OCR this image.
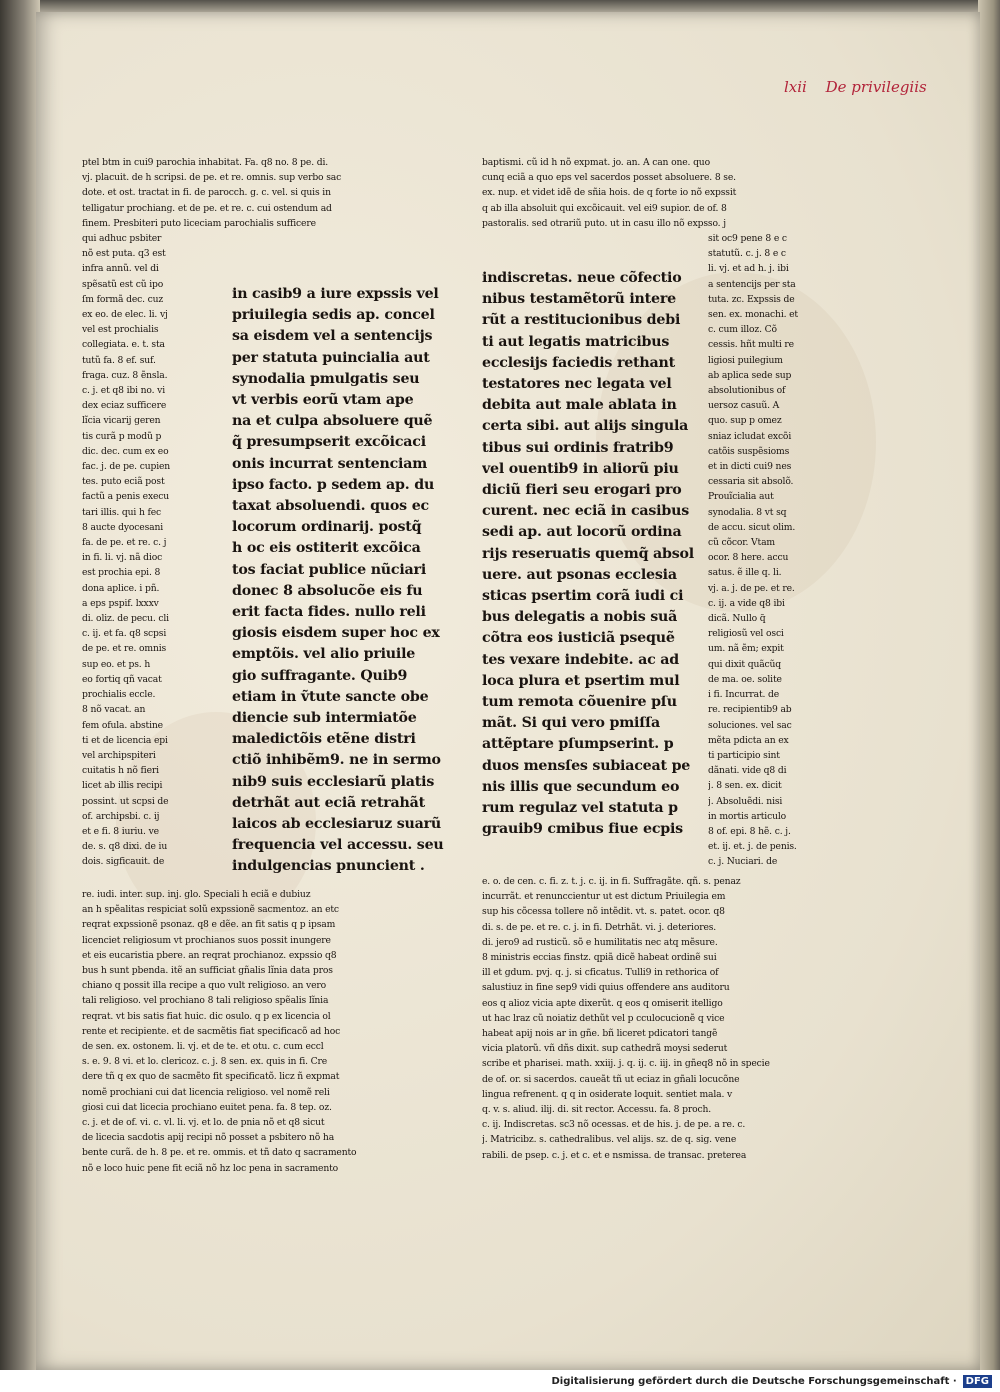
lxii De privilegiis
ptel btm in cui9 parochia inhabitat. Fa. q8 no. 8 pe. di.
vj. placuit. de h scripsi. de pe. et re. omnis. sup verbo sac
dote. et ost. tractat in fi. de parocch. g. c. vel. si quis in
telligatur prochiang. et de pe. et re. c. cui ostendum ad
finem. Presbiteri puto liceciam parochialis sufficere
qui adhuc psbiter
nõ est puta. q3 est
infra annũ. vel di
spẽsatũ est cũ ipo
ſm formã dec. cuz
ex eo. de elec. li. vj
vel est prochialis
collegiata. e. t. sta
tutũ fa. 8 ef. suf.
fraga. cuz. 8 ẽnsla.
c. j. et q8 ibi no. vi
dex eciaz sufficere
lĩcia vicarij geren
tis curã p modũ p
dic. dec. cum ex eo
fac. j. de pe. cupien
tes. puto eciã post
factũ a penis execu
tari illis. qui h fec
8 aucte dyocesani
fa. de pe. et re. c. j
in fi. li. vj. nã dioc
est prochia epi. 8
dona aplice. i pñ.
a eps pspif. lxxxv
di. oliz. de pecu. cli
c. ij. et fa. q8 scpsi
de pe. et re. omnis
sup eo. et ps. h
eo fortiq qñ vacat
prochialis eccle.
8 nõ vacat. an
fem ofula. abstine
ti et de licencia epi
vel archipspiteri
cuitatis h nõ fieri
licet ab illis recipi
possint. ut scpsi de
of. archipsbi. c. ij
et e fi. 8 iuriu. ve
de. s. q8 dixi. de iu
dois. sigficauit. de
in casib9 a iure expssis vel
priuilegia sedis ap. concel
sa eisdem vel a sentencijs
per statuta puincialia aut
synodalia pmulgatis seu
vt verbis eorũ vtam ape
na et culpa absoluere quẽ
q̃ presumpserit excõicaci
onis incurrat sentenciam
ipso facto. p sedem ap. du
taxat absoluendi. quos ec
locorum ordinarij. postq̃
h oc eis ostiterit excõica
tos faciat publice nũciari
donec 8 absolucõe eis fu
erit facta fides. nullo reli
giosis eisdem super hoc ex
emptõis. vel alio priuile
gio suffragante. Quib9
etiam in ṽtute sancte obe
diencie sub intermiatõe
maledictõis etẽne distri
ctiõ inhibẽm9. ne in sermo
nib9 suis ecclesiarũ platis
detrhãt aut eciã retrahãt
laicos ab ecclesiaruz suarũ
frequencia vel accessu. seu
indulgencias pnuncient .
re. iudi. inter. sup. inj. glo. Speciali h eciã e dubiuz
an h spẽalitas respiciat solũ expssionẽ sacmentoz. an etc
reqrat expssionẽ psonaz. q8 e dẽe. an fit satis q p ipsam
licenciet religiosum vt prochianos suos possit inungere
et eis eucaristia pbere. an reqrat prochianoz. expssio q8
bus h sunt pbenda. itẽ an sufficiat gñalis lĩnia data pros
chiano q possit illa recipe a quo vult religioso. an vero
tali religioso. vel prochiano 8 tali religioso spẽalis lĩnia
reqrat. vt bis satis fiat huic. dic osulo. q p ex licencia ol
rente et recipiente. et de sacmẽtis fiat specificacõ ad hoc
de sen. ex. ostonem. li. vj. et de te. et otu. c. cum eccl
s. e. 9. 8 vi. et lo. clericoz. c. j. 8 sen. ex. quis in fi. Cre
dere tñ q ex quo de sacmẽto fit specificatõ. licz ñ expmat
nomẽ prochiani cui dat licencia religioso. vel nomẽ reli
giosi cui dat licecia prochiano euitet pena. fa. 8 tep. oz.
c. j. et de of. vi. c. vl. li. vj. et lo. de pnia nõ et q8 sicut
de licecia sacdotis apij recipi nõ posset a psbitero nõ ha
bente curã. de h. 8 pe. et re. ommis. et tñ dato q sacramento
nõ e loco huic pene fit eciã nõ hz loc pena in sacramento
baptismi. cũ id h nõ expmat. jo. an. A can one. quo
cunq eciã a quo eps vel sacerdos posset absoluere. 8 se.
ex. nup. et videt idẽ de sñia hois. de q forte io nõ expssit
q ab illa absoluit qui excõicauit. vel ei9 supior. de of. 8
pastoralis. sed otrariũ puto. ut in casu illo nõ expsso. j
indiscretas. neue cõfectio
nibus testamẽtorũ intere
rũt a restitucionibus debi
ti aut legatis matricibus
ecclesijs faciedis rethant
testatores nec legata vel
debita aut male ablata in
certa sibi. aut alijs singula
tibus sui ordinis fratrib9
vel ouentib9 in aliorũ piu
diciũ fieri seu erogari pro
curent. nec eciã in casibus
sedi ap. aut locorũ ordina
rijs reseruatis quemq̃ absol
uere. aut psonas ecclesia
sticas psertim corã iudi ci
bus delegatis a nobis suã
cõtra eos iusticiã psequẽ
tes vexare indebite. ac ad
loca plura et psertim mul
tum remota cõuenire pſu
mãt. Si qui vero pmiſſa
attẽptare pſumpserint. p
duos mensſes subiaceat pe
nis illis que secundum eo
rum regulaz vel statuta p
grauib9 cmibus fiue ecpis
sit oc9 pene 8 e c
statutũ. c. j. 8 e c
li. vj. et ad h. j. ibi
a sentencijs per sta
tuta. zc. Expssis de
sen. ex. monachi. et
c. cum illoz. Cõ
cessis. hñt multi re
ligiosi puilegium
ab aplica sede sup
absolutionibus of
uersoz casuũ. A
quo. sup p omez
sniaz icludat excõi
catõis suspẽsioms
et in dicti cui9 nes
cessaria sit absolõ.
Prouĩcialia aut
synodalia. 8 vt sq
de accu. sicut olim.
cũ cõcor. Vtam
ocor. 8 here. accu
satus. ẽ ille q. li.
vj. a. j. de pe. et re.
c. ij. a vide q8 ibi
dicã. Nullo q̃
religiosũ vel osci
um. nã ẽm; expit
qui dixit quãcũq
de ma. oe. solite
i fi. Incurrat. de
re. recipientib9 ab
soluciones. vel sac
mẽta pdicta an ex
ti participio sint
dãnati. vide q8 di
j. 8 sen. ex. dicit
j. Absoluẽdi. nisi
in mortis articulo
8 of. epi. 8 hẽ. c. j.
et. ij. et. j. de penis.
c. j. Nuciari. de
e. o. de cen. c. fi. z. t. j. c. ij. in fi. Suffragãte. qñ. s. penaz
incurrãt. et renunccientur ut est dictum Priuilegia em
sup his cõcessa tollere nõ intẽdit. vt. s. patet. ocor. q8
di. s. de pe. et re. c. j. in fi. Detrhãt. vi. j. deteriores.
di. jero9 ad rusticũ. sõ e humilitatis nec atq mẽsure.
8 ministris eccias finstz. qpiã dicẽ habeat ordinẽ sui
ill et gdum. pvj. q. j. si cficatus. Tulli9 in rethorica of
salustiuz in fine sep9 vidi quius offendere ans auditoru
eos q alioz vicia apte dixerũt. q eos q omiserit itelligo
ut hac lraz cũ noiatiz dethũt vel p cculocucionẽ q vice
habeat apij nois ar in gñe. bñ liceret pdicatori tangẽ
vicia platorũ. vñ dñs dixit. sup cathedrã moysi sederut
scribe et pharisei. math. xxiij. j. q. ij. c. iij. in gñeq8 nõ in specie
de of. or. si sacerdos. caueãt tñ ut eciaz in gñali locucõne
lingua refrenent. q q in osiderate loquit. sentiet mala. v
q. v. s. aliud. ilij. di. sit rector. Accessu. fa. 8 proch.
c. ij. Indiscretas. sc3 nõ ocessas. et de his. j. de pe. a re. c.
j. Matricibz. s. cathedralibus. vel alijs. sz. de q. sig. vene
rabili. de psep. c. j. et c. et e nsmissa. de transac. preterea
Digitalisierung gefördert durch die Deutsche Forschungsgemeinschaft · DFG
